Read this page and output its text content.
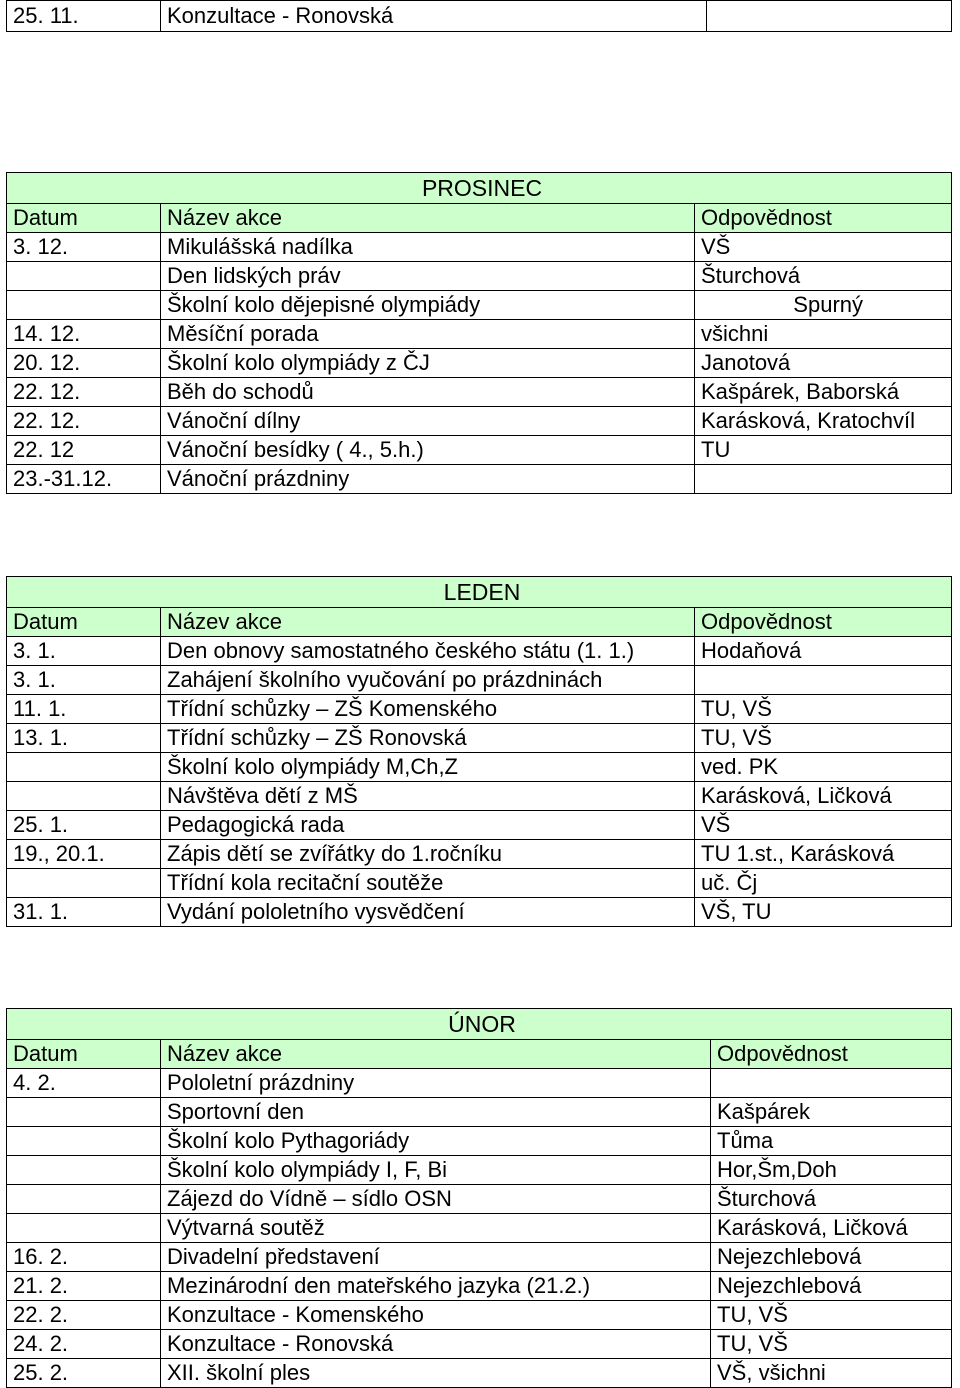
25. 11.	Konzultace - Ronovská	
PROSINEC		
Datum	Název akce	Odpovědnost
3. 12.	Mikulášská nadílka	VŠ
	Den lidských práv	Šturchová
	Školní kolo dějepisné olympiády	Spurný
14. 12.	Měsíční porada	všichni
20. 12.	Školní kolo olympiády z ČJ	Janotová
22. 12.	Běh do schodů	Kašpárek, Baborská
22. 12.	Vánoční dílny	Karásková, Kratochvíl
22. 12	Vánoční besídky ( 4., 5.h.)	TU
23.-31.12.	Vánoční prázdniny	
LEDEN		
Datum	Název akce	Odpovědnost
3. 1.	Den obnovy samostatného českého státu (1. 1.)	Hodaňová
3. 1.	Zahájení školního vyučování po prázdninách	
11. 1.	Třídní schůzky – ZŠ Komenského	TU, VŠ
13. 1.	Třídní schůzky – ZŠ Ronovská	TU, VŠ
	Školní kolo olympiády M,Ch,Z	ved. PK
	Návštěva dětí z MŠ	Karásková, Ličková
25. 1.	Pedagogická rada	VŠ
19., 20.1.	Zápis dětí se zvířátky do 1.ročníku	TU 1.st., Karásková
	Třídní kola recitační soutěže	uč. Čj
31. 1.	Vydání pololetního vysvědčení	VŠ, TU
ÚNOR		
Datum	Název akce	Odpovědnost
4. 2.	Pololetní prázdniny	
	Sportovní den	Kašpárek
	Školní kolo Pythagoriády	Tůma
	Školní kolo olympiády I, F, Bi	Hor,Šm,Doh
	Zájezd do Vídně – sídlo OSN	Šturchová
	Výtvarná soutěž	Karásková, Ličková
16. 2.	Divadelní představení	Nejezchlebová
21. 2.	Mezinárodní den mateřského jazyka (21.2.)	Nejezchlebová
22. 2.	Konzultace - Komenského	TU, VŠ
24. 2.	Konzultace - Ronovská	TU, VŠ
25. 2.	XII. školní ples	VŠ, všichni
